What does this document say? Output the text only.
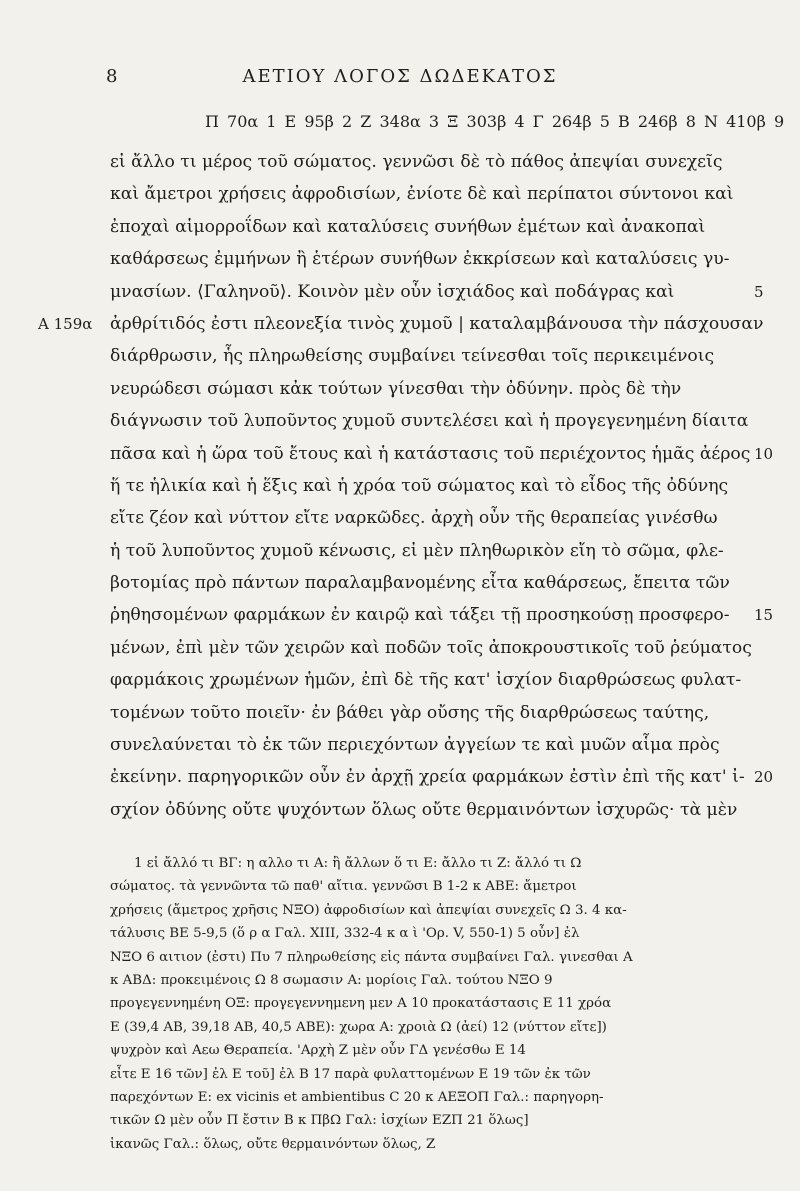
8	ΑΕΤΙΟΥ ΛΟΓΟΣ ΔΩΔΕΚΑΤΟΣ
Π 70α 1 Ε 95β 2 Ζ 348α 3 Ξ 303β 4 Γ 264β 5 Β 246β 8 Ν 410β 9
εἰ ἄλλο τι μέρος τοῦ σώματος. γεννῶσι δὲ τὸ πάθος ἀπεψίαι συνεχεῖς
καὶ ἄμετροι χρήσεις ἀφροδισίων, ἐνίοτε δὲ καὶ περίπατοι σύντονοι καὶ
ἐποχαὶ αἱμορροΐδων καὶ καταλύσεις συνήθων ἐμέτων καὶ ἀνακοπαὶ
καθάρσεως ἐμμήνων ἢ ἑτέρων συνήθων ἐκκρίσεων καὶ καταλύσεις γυ-
μνασίων. ⟨Γαληνοῦ⟩. Κοινὸν μὲν οὖν ἰσχιάδος καὶ ποδάγρας καὶ	5
Α 159α ἀρθρίτιδός ἐστι πλεονεξία τινὸς χυμοῦ | καταλαμβάνουσα τὴν πάσχουσαν
διάρθρωσιν, ἧς πληρωθείσης συμβαίνει τείνεσθαι τοῖς περικειμένοις
νευρώδεσι σώμασι κἀκ τούτων γίνεσθαι τὴν ὀδύνην. πρὸς δὲ τὴν
διάγνωσιν τοῦ λυποῦντος χυμοῦ συντελέσει καὶ ἡ προγεγενημένη δίαιτα
πᾶσα καὶ ἡ ὥρα τοῦ ἔτους καὶ ἡ κατάστασις τοῦ περιέχοντος ἡμᾶς ἀέρος 10
ἥ τε ἡλικία καὶ ἡ ἕξις καὶ ἡ χρόα τοῦ σώματος καὶ τὸ εἶδος τῆς ὀδύνης
εἴτε ζέον καὶ νύττον εἴτε ναρκῶδες. ἀρχὴ οὖν τῆς θεραπείας γινέσθω
ἡ τοῦ λυποῦντος χυμοῦ κένωσις, εἰ μὲν πληθωρικὸν εἴη τὸ σῶμα, φλε-
βοτομίας πρὸ πάντων παραλαμβανομένης εἶτα καθάρσεως, ἔπειτα τῶν
ῥηθησομένων φαρμάκων ἐν καιρῷ καὶ τάξει τῇ προσηκούσῃ προσφερο- 15
μένων, ἐπὶ μὲν τῶν χειρῶν καὶ ποδῶν τοῖς ἀποκρουστικοῖς τοῦ ῥεύματος
φαρμάκοις χρωμένων ἡμῶν, ἐπὶ δὲ τῆς κατ' ἰσχίον διαρθρώσεως φυλατ-
τομένων τοῦτο ποιεῖν· ἐν βάθει γὰρ οὔσης τῆς διαρθρώσεως ταύτης,
συνελαύνεται τὸ ἐκ τῶν περιεχόντων ἀγγείων τε καὶ μυῶν αἷμα πρὸς
ἐκείνην. παρηγορικῶν οὖν ἐν ἀρχῇ χρεία φαρμάκων ἐστὶν ἐπὶ τῆς κατ' ἰ- 20
σχίον ὀδύνης οὔτε ψυχόντων ὅλως οὔτε θερμαινόντων ἰσχυρῶς· τὰ μὲν
1 εἰ ἄλλό τι ΒΓ: η αλλο τι Α: ἢ ἄλλων ὅ τι Ε: ἄλλο τι Ζ: ἄλλό τι Ω
σώματος. τὰ γεννῶντα τῶ παθ' αἴτια. γεννῶσι Β 1-2 κ ΑΒΕ: ἄμετροι
χρήσεις (ἄμετρος χρῆσις ΝΞΟ) ἀφροδισίων καὶ ἀπεψίαι συνεχεῖς Ω 3. 4 κα-
τάλυσις ΒΕ 5-9,5 (ὅ ρ α Γαλ. XIII, 332-4 κ α ὶ 'Ορ. V, 550-1) 5 οὖν] ἐλ
ΝΞΟ 6 αιτιον (ἐστι) Πυ 7 πληρωθείσης εἰς πάντα συμβαίνει Γαλ. γινεσθαι Α
κ ΑΒΔ: προκειμένοις Ω 8 σωμασιν Α: μορίοις Γαλ. τούτου ΝΞΟ 9
προγεγεννημένη ΟΞ: προγεγεννημενη μεν Α 10 προκατάστασις Ε 11 χρόα
Ε (39,4 ΑΒ, 39,18 ΑΒ, 40,5 ΑΒΕ): χωρα Α: χροιὰ Ω (ἀεί) 12 (νύττον εἴτε])
ψυχρὸν καὶ Αεω Θεραπεία. 'Αρχὴ Ζ μὲν οὖν ΓΔ γενέσθω Ε 14
εἶτε Ε 16 τῶν] ἐλ Ε τοῦ] ἐλ Β 17 παρὰ φυλαττομένων Ε 19 τῶν ἐκ τῶν
παρεχόντων Ε: ex vicinis et ambientibus C 20 κ ΑΕΞΟΠ Γαλ.: παρηγορη-
τικῶν Ω μὲν οὖν Π ἔστιν Β κ ΠβΩ Γαλ: ἰσχίων ΕΖΠ 21 ὅλως]
ἱκανῶς Γαλ.: ὅλως, οὔτε θερμαινόντων ὅλως, Ζ
